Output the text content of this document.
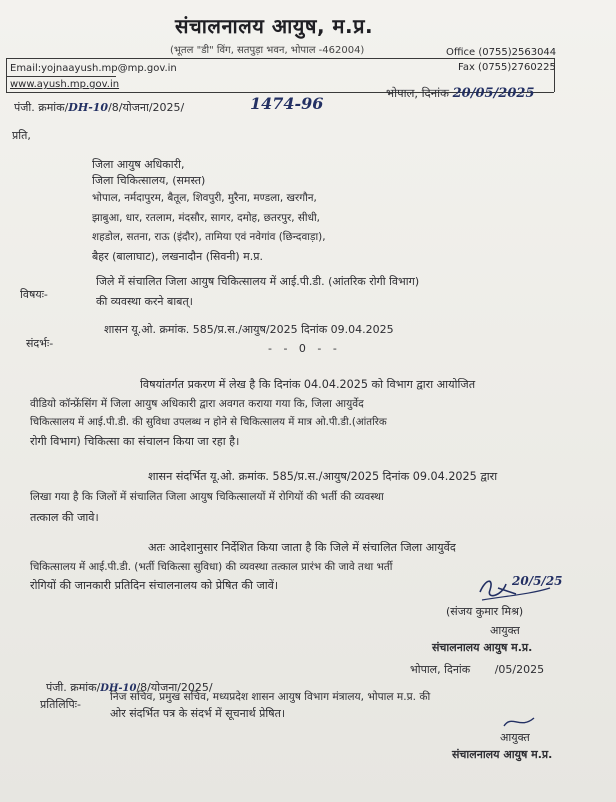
संचालनालय आयुष, म.प्र.
(भूतल "डी" विंग, सतपुड़ा भवन, भोपाल -462004)
Email:yojnaayush.mp@mp.gov.in
www.ayush.mp.gov.in
Office (0755)2563044
Fax (0755)2760225
पंजी. क्रमांक/DH-10/8/योजना/2025/	1474-96
भोपाल, दिनांक 20/05/2025
प्रति,
जिला आयुष अधिकारी,
जिला चिकित्सालय, (समस्त)
भोपाल, नर्मदापुरम, बैतूल, शिवपुरी, मुरैना, मण्डला, खरगौन,
झाबुआ, धार, रतलाम, मंदसौर, सागर, दमोह, छतरपुर, सीधी,
शहडोल, सतना, राऊ (इंदौर), तामिया एवं नवेगांव (छिन्दवाड़ा),
बैहर (बालाघाट), लखनादौन (सिवनी) म.प्र.
विषयः-
जिले में संचालित जिला आयुष चिकित्सालय में आई.पी.डी. (आंतरिक रोगी विभाग)
की व्यवस्था करने बाबत्।
संदर्भः-
शासन यू.ओ. क्रमांक. 585/प्र.स./आयुष/2025 दिनांक 09.04.2025
- - 0 - -
विषयांतर्गत प्रकरण में लेख है कि दिनांक 04.04.2025 को विभाग द्वारा आयोजित
वीडियो कॉन्फ्रेंसिंग में जिला आयुष अधिकारी द्वारा अवगत कराया गया कि, जिला आयुर्वेद
चिकित्सालय में आई.पी.डी. की सुविधा उपलब्ध न होने से चिकित्सालय में मात्र ओ.पी.डी.(आंतरिक
रोगी विभाग) चिकित्सा का संचालन किया जा रहा है।
शासन संदर्भित यू.ओ. क्रमांक. 585/प्र.स./आयुष/2025 दिनांक 09.04.2025 द्वारा
लिखा गया है कि जिलों में संचालित जिला आयुष चिकित्सालयों में रोगियों की भर्ती की व्यवस्था
तत्काल की जावे।
अतः आदेशानुसार निर्देशित किया जाता है कि जिले में संचालित जिला आयुर्वेद
चिकित्सालय में आई.पी.डी. (भर्ती चिकित्सा सुविधा) की व्यवस्था तत्काल प्रारंभ की जावे तथा भर्ती
रोगियों की जानकारी प्रतिदिन संचालनालय को प्रेषित की जावें।	20/5/25
(संजय कुमार मिश्र)
आयुक्त
संचालनालय आयुष म.प्र.
पंजी. क्रमांक/DH-10/8/योजना/2025/
भोपाल, दिनांक       /05/2025
प्रतिलिपिः-
निज सचिव, प्रमुख सचिव, मध्यप्रदेश शासन आयुष विभाग मंत्रालय, भोपाल म.प्र. की
ओर संदर्भित पत्र के संदर्भ में सूचनार्थ प्रेषित।
आयुक्त
संचालनालय आयुष म.प्र.
